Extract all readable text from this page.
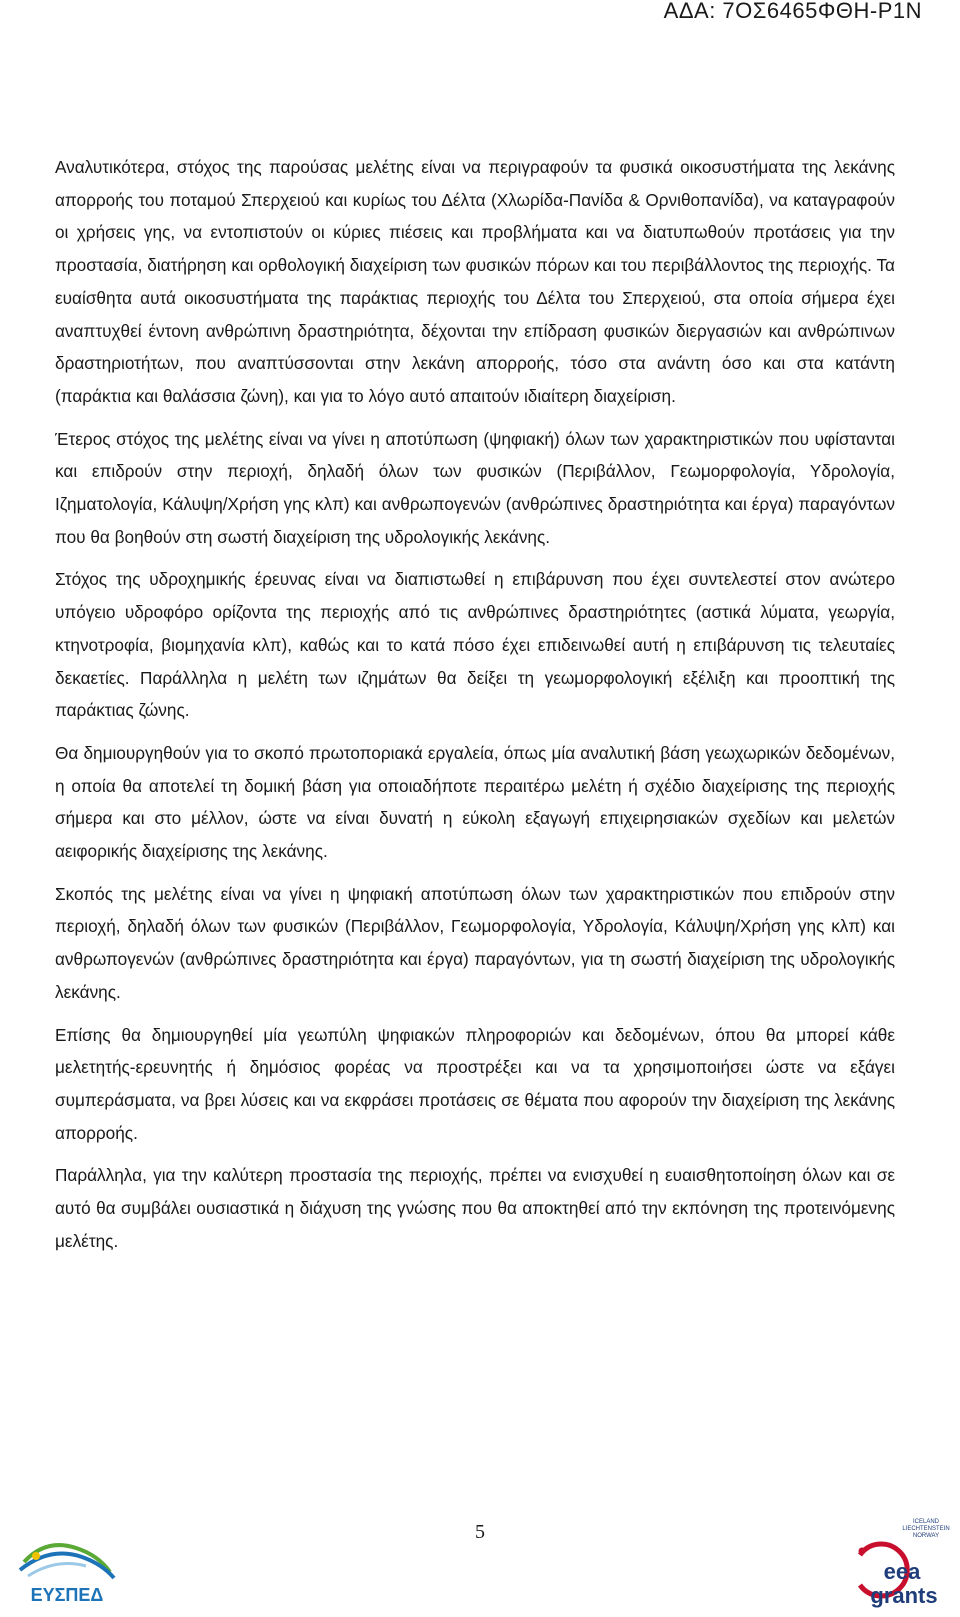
ΑΔΑ: 7ΟΣ6465ΦΘΗ-Ρ1Ν

Αναλυτικότερα, στόχος της παρούσας μελέτης είναι να περιγραφούν τα φυσικά οικοσυστήματα της λεκάνης απορροής του ποταμού Σπερχειού και κυρίως του Δέλτα (Χλωρίδα-Πανίδα & Ορνιθοπανίδα), να καταγραφούν οι χρήσεις γης, να εντοπιστούν οι κύριες πιέσεις και προβλήματα και να διατυπωθούν προτάσεις για την προστασία, διατήρηση και ορθολογική διαχείριση των φυσικών πόρων και του περιβάλλοντος της περιοχής. Τα ευαίσθητα αυτά οικοσυστήματα της παράκτιας περιοχής του Δέλτα του Σπερχειού, στα οποία σήμερα έχει αναπτυχθεί έντονη ανθρώπινη δραστηριότητα, δέχονται την επίδραση φυσικών διεργασιών και ανθρώπινων δραστηριοτήτων, που αναπτύσσονται στην λεκάνη απορροής, τόσο στα ανάντη όσο και στα κατάντη (παράκτια και θαλάσσια ζώνη), και για το λόγο αυτό απαιτούν ιδιαίτερη διαχείριση.

Έτερος στόχος της μελέτης είναι να γίνει η αποτύπωση (ψηφιακή) όλων των χαρακτηριστικών που υφίστανται και επιδρούν στην περιοχή, δηλαδή όλων των φυσικών (Περιβάλλον, Γεωμορφολογία, Υδρολογία, Ιζηματολογία, Κάλυψη/Χρήση γης κλπ) και ανθρωπογενών (ανθρώπινες δραστηριότητα και έργα) παραγόντων που θα βοηθούν στη σωστή διαχείριση της υδρολογικής λεκάνης.

Στόχος της υδροχημικής έρευνας είναι να διαπιστωθεί η επιβάρυνση που έχει συντελεστεί στον ανώτερο υπόγειο υδροφόρο ορίζοντα της περιοχής από τις ανθρώπινες δραστηριότητες (αστικά λύματα, γεωργία, κτηνοτροφία, βιομηχανία κλπ), καθώς και το κατά πόσο έχει επιδεινωθεί αυτή η επιβάρυνση τις τελευταίες δεκαετίες. Παράλληλα η μελέτη των ιζημάτων θα δείξει τη γεωμορφολογική εξέλιξη και προοπτική της παράκτιας ζώνης.

Θα δημιουργηθούν για το σκοπό πρωτοποριακά εργαλεία, όπως μία αναλυτική βάση γεωχωρικών δεδομένων, η οποία θα αποτελεί τη δομική βάση για οποιαδήποτε περαιτέρω μελέτη ή σχέδιο διαχείρισης της περιοχής σήμερα και στο μέλλον, ώστε να είναι δυνατή η εύκολη εξαγωγή επιχειρησιακών σχεδίων και μελετών αειφορικής διαχείρισης της λεκάνης.

Σκοπός της μελέτης είναι να γίνει η ψηφιακή αποτύπωση όλων των χαρακτηριστικών που επιδρούν στην περιοχή, δηλαδή όλων των φυσικών (Περιβάλλον, Γεωμορφολογία, Υδρολογία, Κάλυψη/Χρήση γης κλπ) και ανθρωπογενών (ανθρώπινες δραστηριότητα και έργα) παραγόντων, για τη σωστή διαχείριση της υδρολογικής λεκάνης.

Επίσης θα δημιουργηθεί μία γεωπύλη ψηφιακών πληροφοριών και δεδομένων, όπου θα μπορεί κάθε μελετητής-ερευνητής ή δημόσιος φορέας να προστρέξει και να τα χρησιμοποιήσει ώστε να εξάγει συμπεράσματα, να βρει λύσεις και να εκφράσει προτάσεις σε θέματα που αφορούν την διαχείριση της λεκάνης απορροής.

Παράλληλα, για την καλύτερη προστασία της περιοχής, πρέπει να ενισχυθεί η ευαισθητοποίηση όλων και σε αυτό θα συμβάλει ουσιαστικά η διάχυση της γνώσης που θα αποκτηθεί από την εκπόνηση της προτεινόμενης μελέτης.

5
ΕΥΣΠΕΔ
ICELAND
LIECHTENSTEIN
NORWAY
eea
grants
